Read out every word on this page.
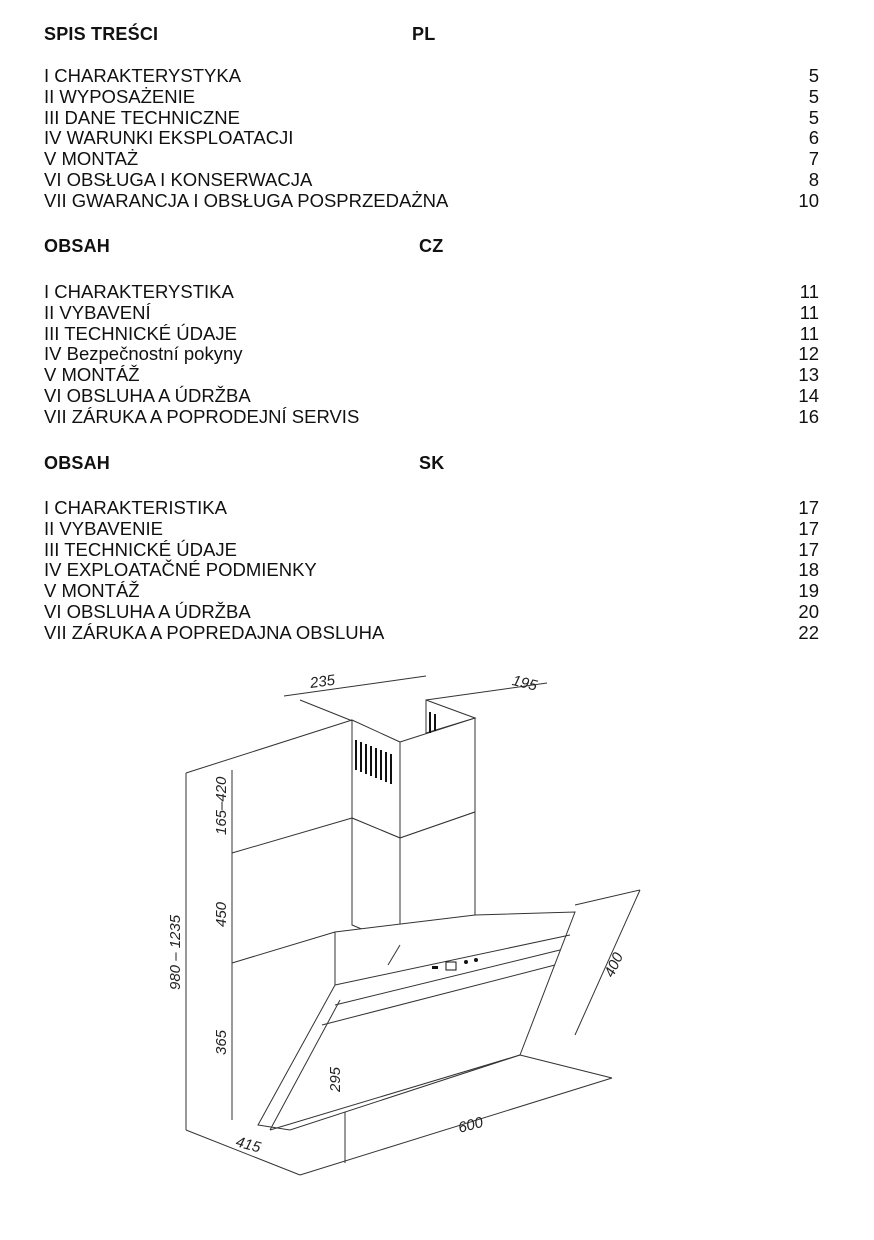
SPIS TREŚCI	PL
I CHARAKTERYSTYKA	5
II WYPOSAŻENIE	5
III DANE TECHNICZNE	5
IV WARUNKI EKSPLOATACJI	6
V MONTAŻ	7
VI OBSŁUGA I KONSERWACJA	8
VII GWARANCJA I OBSŁUGA POSPRZEDAŻNA	10
OBSAH	CZ
I CHARAKTERYSTIKA	11
II VYBAVENÍ	11
III TECHNICKÉ ÚDAJE	11
IV Bezpečnostní pokyny	12
V MONTÁŽ	13
VI OBSLUHA A ÚDRŽBA	14
VII ZÁRUKA A POPRODEJNÍ SERVIS	16
OBSAH	SK
I CHARAKTERISTIKA	17
II VYBAVENIE	17
III TECHNICKÉ ÚDAJE	17
IV EXPLOATAČNÉ PODMIENKY	18
V MONTÁŽ	19
VI OBSLUHA A ÚDRŽBA	20
VII ZÁRUKA A POPREDAJNA OBSLUHA	22
235	195
980 – 1235
165–420
450
365
295
600
415
400
